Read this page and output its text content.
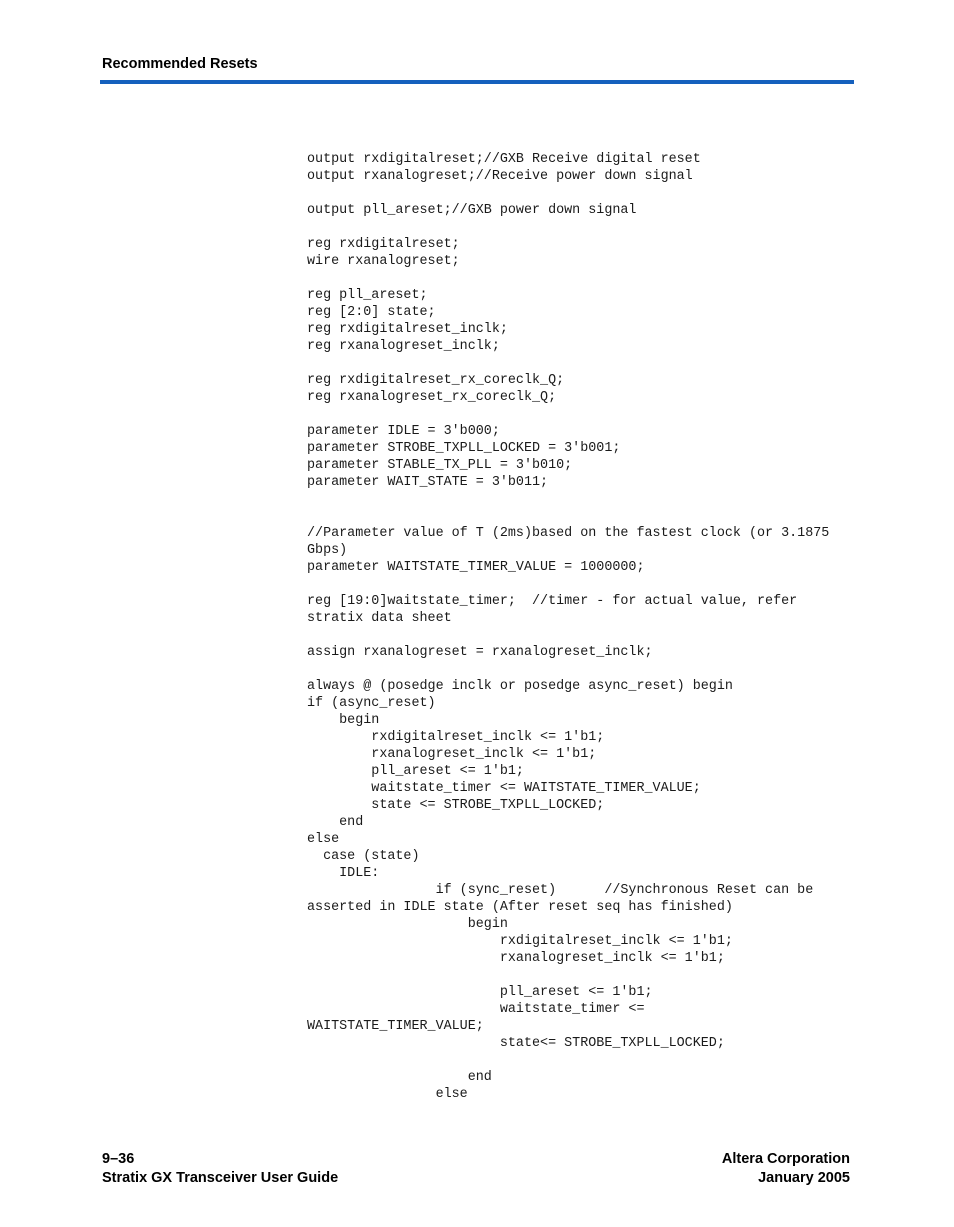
Recommended Resets
output rxdigitalreset;//GXB Receive digital reset
output rxanalogreset;//Receive power down signal
output pll_areset;//GXB power down signal
reg rxdigitalreset;
wire rxanalogreset;
reg pll_areset;
reg [2:0] state;
reg rxdigitalreset_inclk;
reg rxanalogreset_inclk;
reg rxdigitalreset_rx_coreclk_Q;
reg rxanalogreset_rx_coreclk_Q;
parameter IDLE = 3'b000;
parameter STROBE_TXPLL_LOCKED = 3'b001;
parameter STABLE_TX_PLL = 3'b010;
parameter WAIT_STATE = 3'b011;
//Parameter value of T (2ms)based on the fastest clock (or 3.1875
Gbps)
parameter WAITSTATE_TIMER_VALUE = 1000000;
reg [19:0]waitstate_timer;  //timer - for actual value, refer
stratix data sheet
assign rxanalogreset = rxanalogreset_inclk;
always @ (posedge inclk or posedge async_reset) begin
if (async_reset)
begin
rxdigitalreset_inclk <= 1'b1;
rxanalogreset_inclk <= 1'b1;
pll_areset <= 1'b1;
waitstate_timer <= WAITSTATE_TIMER_VALUE;
state <= STROBE_TXPLL_LOCKED;
end
else
case (state)
IDLE:
if (sync_reset)      //Synchronous Reset can be
asserted in IDLE state (After reset seq has finished)
begin
rxdigitalreset_inclk <= 1'b1;
rxanalogreset_inclk <= 1'b1;
pll_areset <= 1'b1;
waitstate_timer <=
WAITSTATE_TIMER_VALUE;
state<= STROBE_TXPLL_LOCKED;
end
else
9–36
Stratix GX Transceiver User Guide
Altera Corporation
January 2005
